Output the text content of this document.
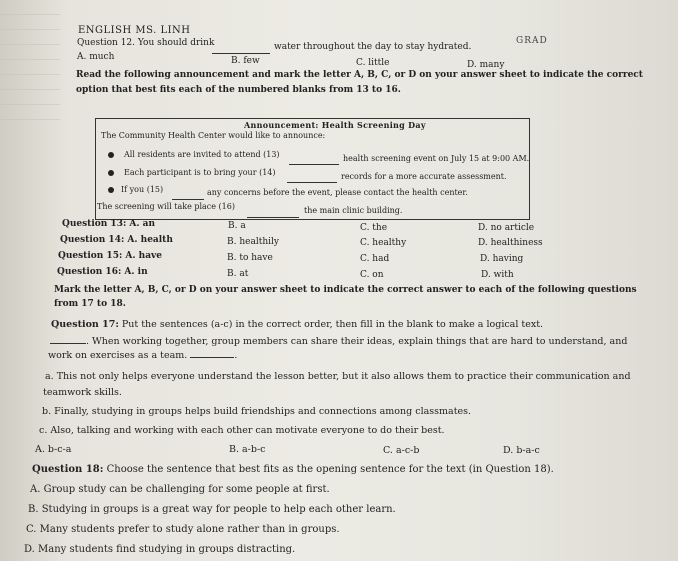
ENGLISH MS. LINH
GRAD
Question 12. You should drink	water throughout the day to stay hydrated.
A. much	B. few	C. little	D. many
Read the following announcement and mark the letter A, B, C, or D on your answer sheet to indicate the correct
option that best fits each of the numbered blanks from 13 to 16.
Announcement: Health Screening Day
The Community Health Center would like to announce:
All residents are invited to attend (13)	health screening event on July 15 at 9:00 AM.
Each participant is to bring your (14)	records for a more accurate assessment.
If you (15)	any concerns before the event, please contact the health center.
The screening will take place (16)	the main clinic building.
Question 13: A. an	B. a	C. the	D. no article
Question 14: A. health	B. healthily	C. healthy	D. healthiness
Question 15: A. have	B. to have	C. had	D. having
Question 16: A. in	B. at	C. on	D. with
Mark the letter A, B, C, or D on your answer sheet to indicate the correct answer to each of the following questions
from 17 to 18.
Question 17: Put the sentences (a-c) in the correct order, then fill in the blank to make a logical text.
. When working together, group members can share their ideas, explain things that are hard to understand, and
work on exercises as a team.	.
a. This not only helps everyone understand the lesson better, but it also allows them to practice their communication and
teamwork skills.
b. Finally, studying in groups helps build friendships and connections among classmates.
c. Also, talking and working with each other can motivate everyone to do their best.
A. b-c-a	B. a-b-c	C. a-c-b	D. b-a-c
Question 18: Choose the sentence that best fits as the opening sentence for the text (in Question 18).
A. Group study can be challenging for some people at first.
B. Studying in groups is a great way for people to help each other learn.
C. Many students prefer to study alone rather than in groups.
D. Many students find studying in groups distracting.
